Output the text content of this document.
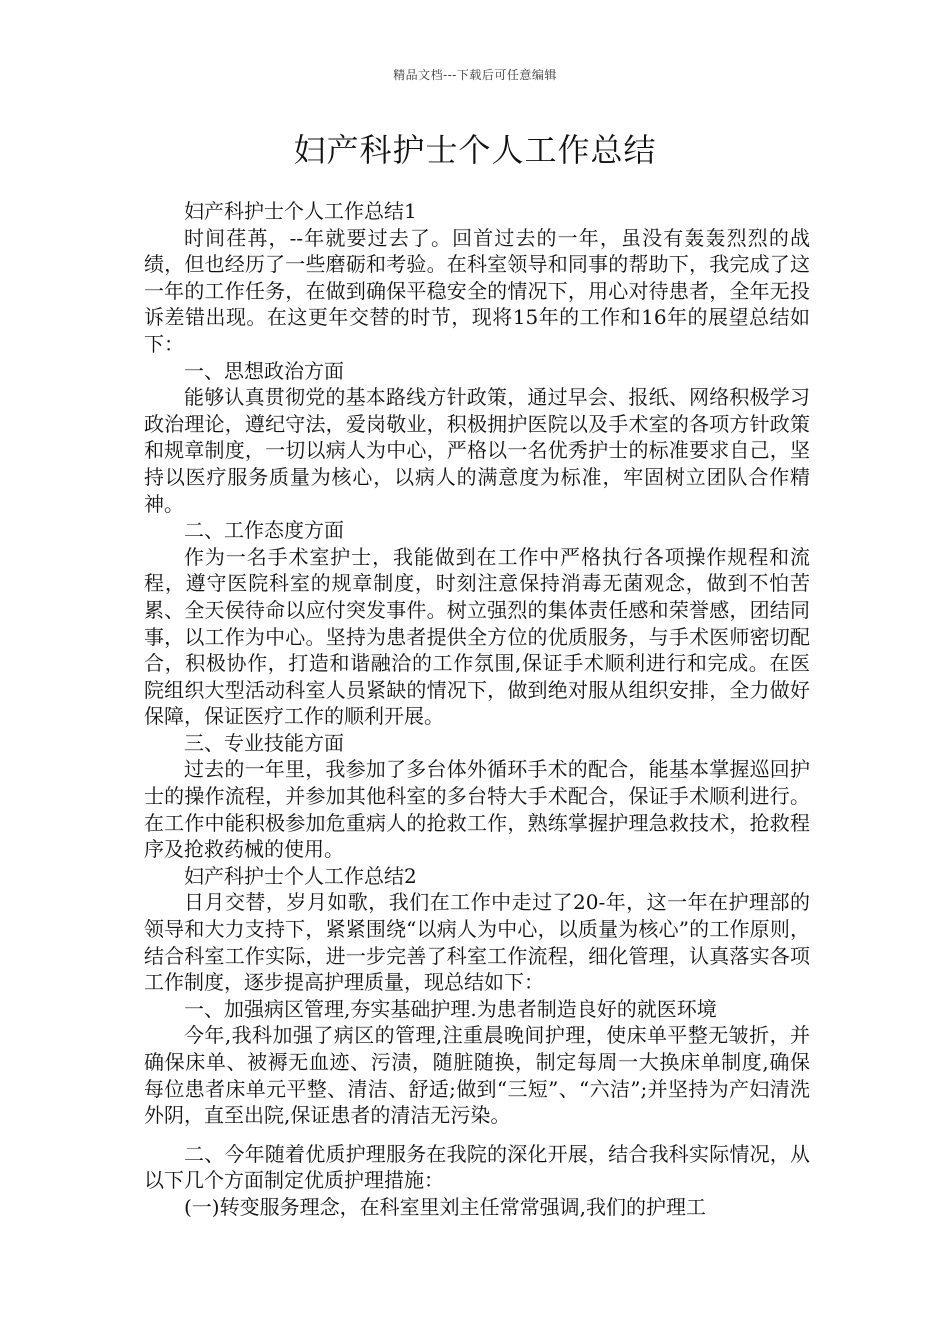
精品文档---下载后可任意编辑
妇产科护士个人工作总结

妇产科护士个人工作总结1

时间荏苒，--年就要过去了。回首过去的一年，虽没有轰轰烈烈的战绩，但也经历了一些磨砺和考验。在科室领导和同事的帮助下，我完成了这一年的工作任务，在做到确保平稳安全的情况下，用心对待患者，全年无投诉差错出现。在这更年交替的时节，现将15年的工作和16年的展望总结如下：

一、思想政治方面

能够认真贯彻党的基本路线方针政策，通过早会、报纸、网络积极学习政治理论，遵纪守法，爱岗敬业，积极拥护医院以及手术室的各项方针政策和规章制度，一切以病人为中心，严格以一名优秀护士的标准要求自己，坚持以医疗服务质量为核心，以病人的满意度为标准，牢固树立团队合作精神。

二、工作态度方面

作为一名手术室护士，我能做到在工作中严格执行各项操作规程和流程，遵守医院科室的规章制度，时刻注意保持消毒无菌观念，做到不怕苦累、全天侯待命以应付突发事件。树立强烈的集体责任感和荣誉感，团结同事，以工作为中心。坚持为患者提供全方位的优质服务，与手术医师密切配合，积极协作，打造和谐融洽的工作氛围,保证手术顺利进行和完成。在医院组织大型活动科室人员紧缺的情况下，做到绝对服从组织安排，全力做好保障，保证医疗工作的顺利开展。

三、专业技能方面

过去的一年里，我参加了多台体外循环手术的配合，能基本掌握巡回护士的操作流程，并参加其他科室的多台特大手术配合，保证手术顺利进行。在工作中能积极参加危重病人的抢救工作，熟练掌握护理急救技术，抢救程序及抢救药械的使用。

妇产科护士个人工作总结2

日月交替，岁月如歌，我们在工作中走过了20-年，这一年在护理部的领导和大力支持下，紧紧围绕“以病人为中心，以质量为核心”的工作原则，结合科室工作实际，进一步完善了科室工作流程，细化管理，认真落实各项工作制度，逐步提高护理质量，现总结如下：

一、加强病区管理,夯实基础护理.为患者制造良好的就医环境

今年,我科加强了病区的管理,注重晨晚间护理，使床单平整无皱折，并确保床单、被褥无血迹、污渍，随脏随换，制定每周一大换床单制度,确保每位患者床单元平整、清洁、舒适;做到“三短”、“六洁”;并坚持为产妇清洗外阴，直至出院,保证患者的清洁无污染。

二、今年随着优质护理服务在我院的深化开展，结合我科实际情况，从以下几个方面制定优质护理措施：

(一)转变服务理念，在科室里刘主任常常强调,我们的护理工
